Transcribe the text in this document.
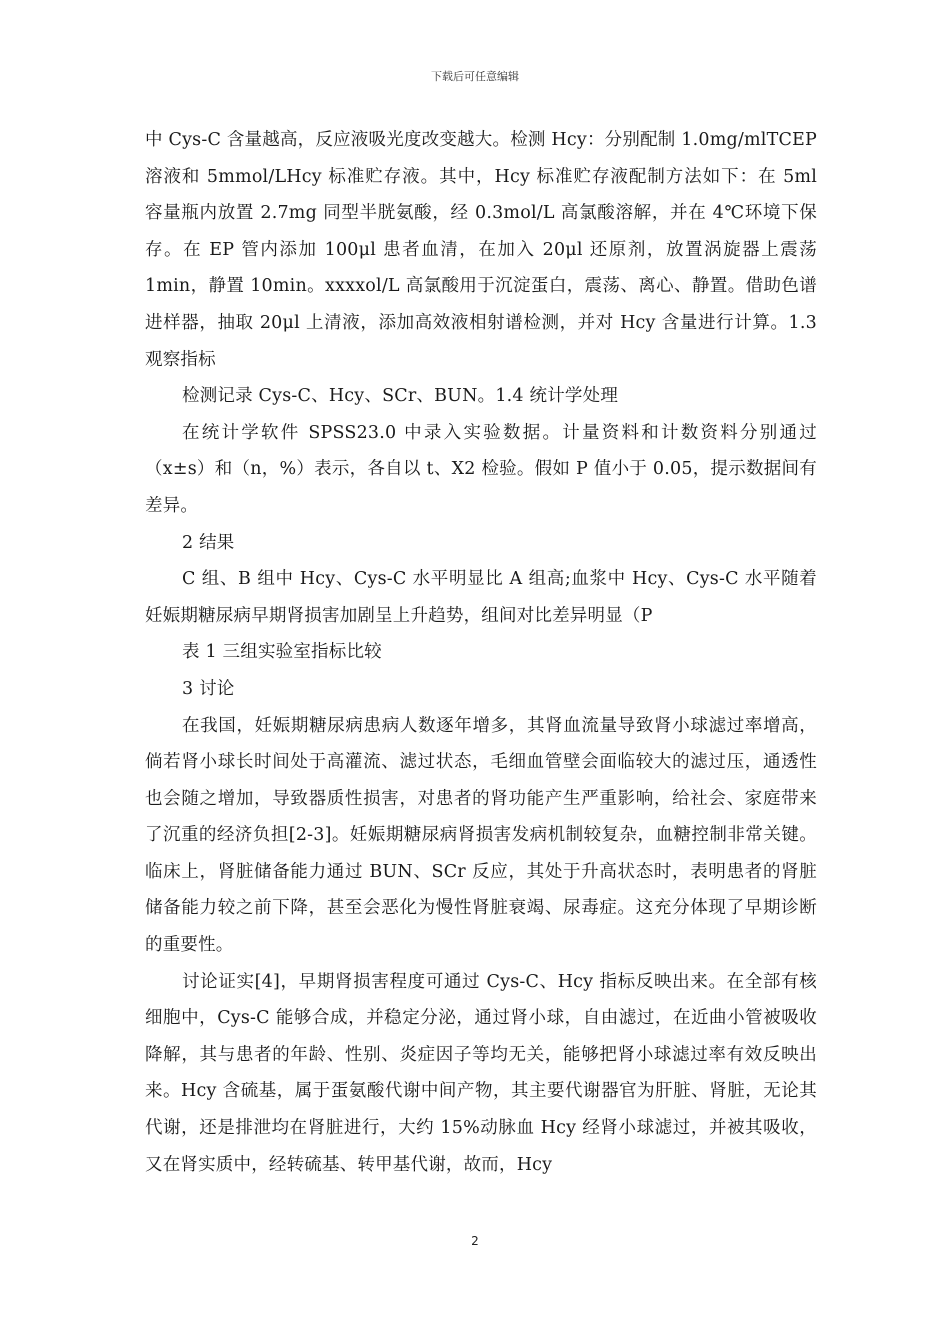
下载后可任意编辑

中 Cys-C 含量越高，反应液吸光度改变越大。检测 Hcy：分别配制 1.0mg/mlTCEP 溶液和 5mmol/LHcy 标准贮存液。其中，Hcy 标准贮存液配制方法如下：在 5ml 容量瓶内放置 2.7mg 同型半胱氨酸，经 0.3mol/L 高氯酸溶解，并在 4℃环境下保存。在 EP 管内添加 100μl 患者血清，在加入 20μl 还原剂，放置涡旋器上震荡 1min，静置 10min。xxxxol/L 高氯酸用于沉淀蛋白，震荡、离心、静置。借助色谱进样器，抽取 20μl 上清液，添加高效液相射谱检测，并对 Hcy 含量进行计算。1.3 观察指标

检测记录 Cys-C、Hcy、SCr、BUN。1.4 统计学处理

在统计学软件 SPSS23.0 中录入实验数据。计量资料和计数资料分别通过（x±s）和（n，%）表示，各自以 t、X2 检验。假如 P 值小于 0.05，提示数据间有差异。

2 结果

C 组、B 组中 Hcy、Cys-C 水平明显比 A 组高;血浆中 Hcy、Cys-C 水平随着妊娠期糖尿病早期肾损害加剧呈上升趋势，组间对比差异明显（P

表 1 三组实验室指标比较

3 讨论

在我国，妊娠期糖尿病患病人数逐年增多，其肾血流量导致肾小球滤过率增高，倘若肾小球长时间处于高灌流、滤过状态，毛细血管壁会面临较大的滤过压，通透性也会随之增加，导致器质性损害，对患者的肾功能产生严重影响，给社会、家庭带来了沉重的经济负担[2-3]。妊娠期糖尿病肾损害发病机制较复杂，血糖控制非常关键。临床上，肾脏储备能力通过 BUN、SCr 反应，其处于升高状态时，表明患者的肾脏储备能力较之前下降，甚至会恶化为慢性肾脏衰竭、尿毒症。这充分体现了早期诊断的重要性。

讨论证实[4]，早期肾损害程度可通过 Cys-C、Hcy 指标反映出来。在全部有核细胞中，Cys-C 能够合成，并稳定分泌，通过肾小球，自由滤过，在近曲小管被吸收降解，其与患者的年龄、性别、炎症因子等均无关，能够把肾小球滤过率有效反映出来。Hcy 含硫基，属于蛋氨酸代谢中间产物，其主要代谢器官为肝脏、肾脏，无论其代谢，还是排泄均在肾脏进行，大约 15%动脉血 Hcy 经肾小球滤过，并被其吸收，又在肾实质中，经转硫基、转甲基代谢，故而，Hcy

2
